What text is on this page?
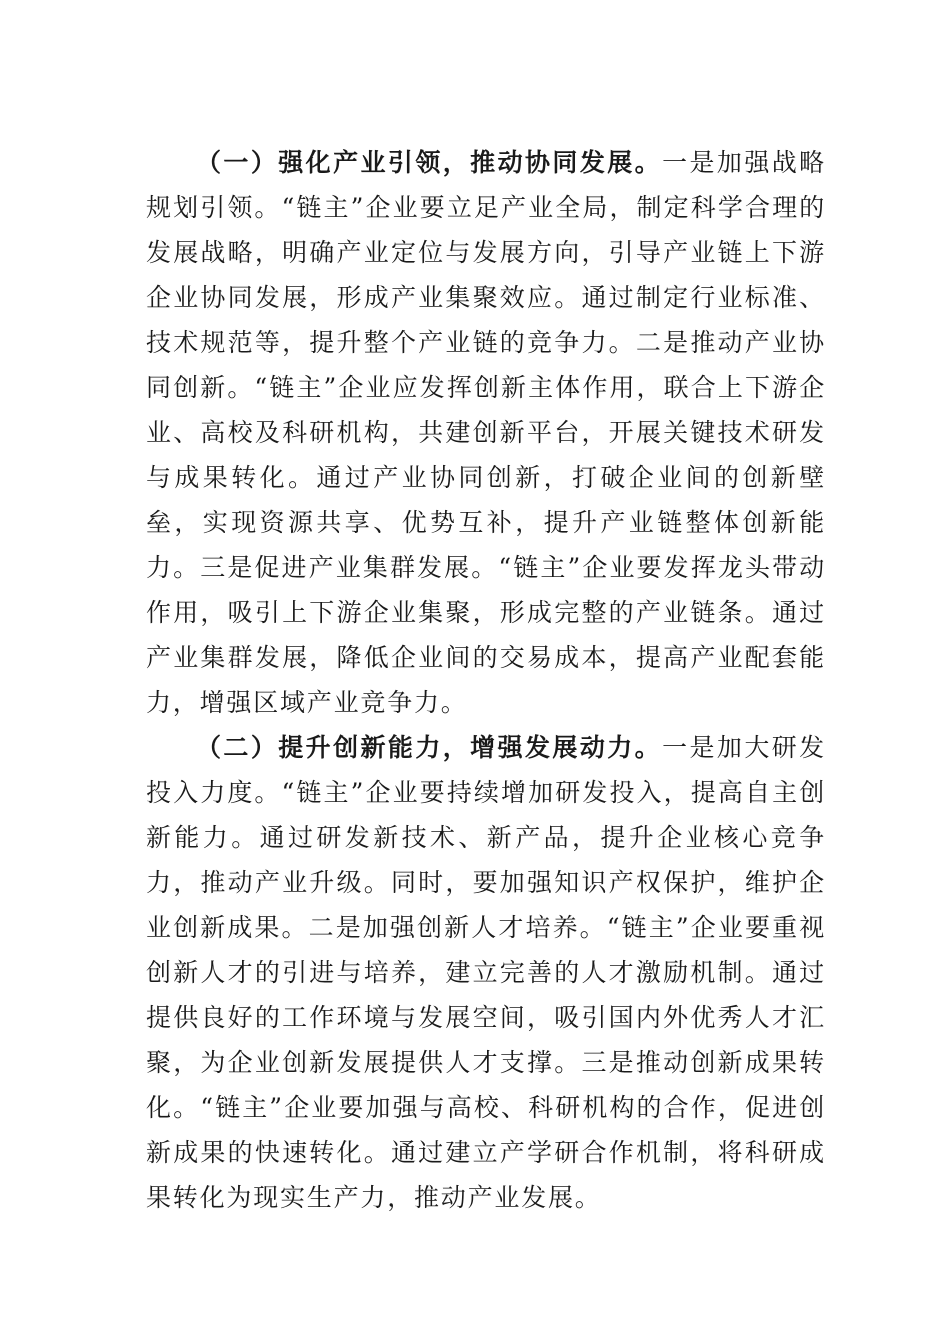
（一）强化产业引领，推动协同发展。一是加强战略规划引领。“链主”企业要立足产业全局，制定科学合理的发展战略，明确产业定位与发展方向，引导产业链上下游企业协同发展，形成产业集聚效应。通过制定行业标准、技术规范等，提升整个产业链的竞争力。二是推动产业协同创新。“链主”企业应发挥创新主体作用，联合上下游企业、高校及科研机构，共建创新平台，开展关键技术研发与成果转化。通过产业协同创新，打破企业间的创新壁垒，实现资源共享、优势互补，提升产业链整体创新能力。三是促进产业集群发展。“链主”企业要发挥龙头带动作用，吸引上下游企业集聚，形成完整的产业链条。通过产业集群发展，降低企业间的交易成本，提高产业配套能力，增强区域产业竞争力。

（二）提升创新能力，增强发展动力。一是加大研发投入力度。“链主”企业要持续增加研发投入，提高自主创新能力。通过研发新技术、新产品，提升企业核心竞争力，推动产业升级。同时，要加强知识产权保护，维护企业创新成果。二是加强创新人才培养。“链主”企业要重视创新人才的引进与培养，建立完善的人才激励机制。通过提供良好的工作环境与发展空间，吸引国内外优秀人才汇聚，为企业创新发展提供人才支撑。三是推动创新成果转化。“链主”企业要加强与高校、科研机构的合作，促进创新成果的快速转化。通过建立产学研合作机制，将科研成果转化为现实生产力，推动产业发展。
